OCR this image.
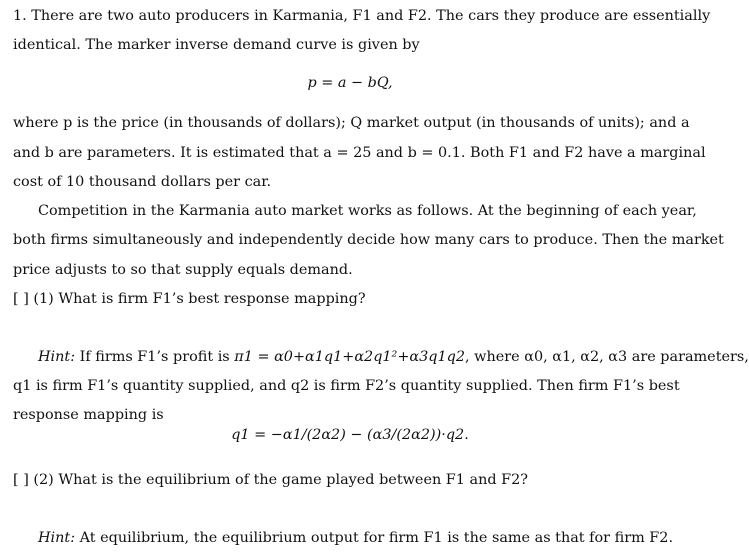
1. There are two auto producers in Karmania, F1 and F2. The cars they produce are essentially
identical. The marker inverse demand curve is given by
p = a − bQ,
where p is the price (in thousands of dollars); Q market output (in thousands of units); and a
and b are parameters. It is estimated that a = 25 and b = 0.1. Both F1 and F2 have a marginal
cost of 10 thousand dollars per car.
Competition in the Karmania auto market works as follows. At the beginning of each year,
both firms simultaneously and independently decide how many cars to produce. Then the market
price adjusts to so that supply equals demand.
[ ] (1) What is firm F1’s best response mapping?
Hint: If firms F1’s profit is π1 = α0+α1q1+α2q1²+α3q1q2, where α0, α1, α2, α3 are parameters,
q1 is firm F1’s quantity supplied, and q2 is firm F2’s quantity supplied. Then firm F1’s best
response mapping is
q1 = −α1/(2α2) − (α3/(2α2))·q2.
[ ] (2) What is the equilibrium of the game played between F1 and F2?
Hint: At equilibrium, the equilibrium output for firm F1 is the same as that for firm F2.
